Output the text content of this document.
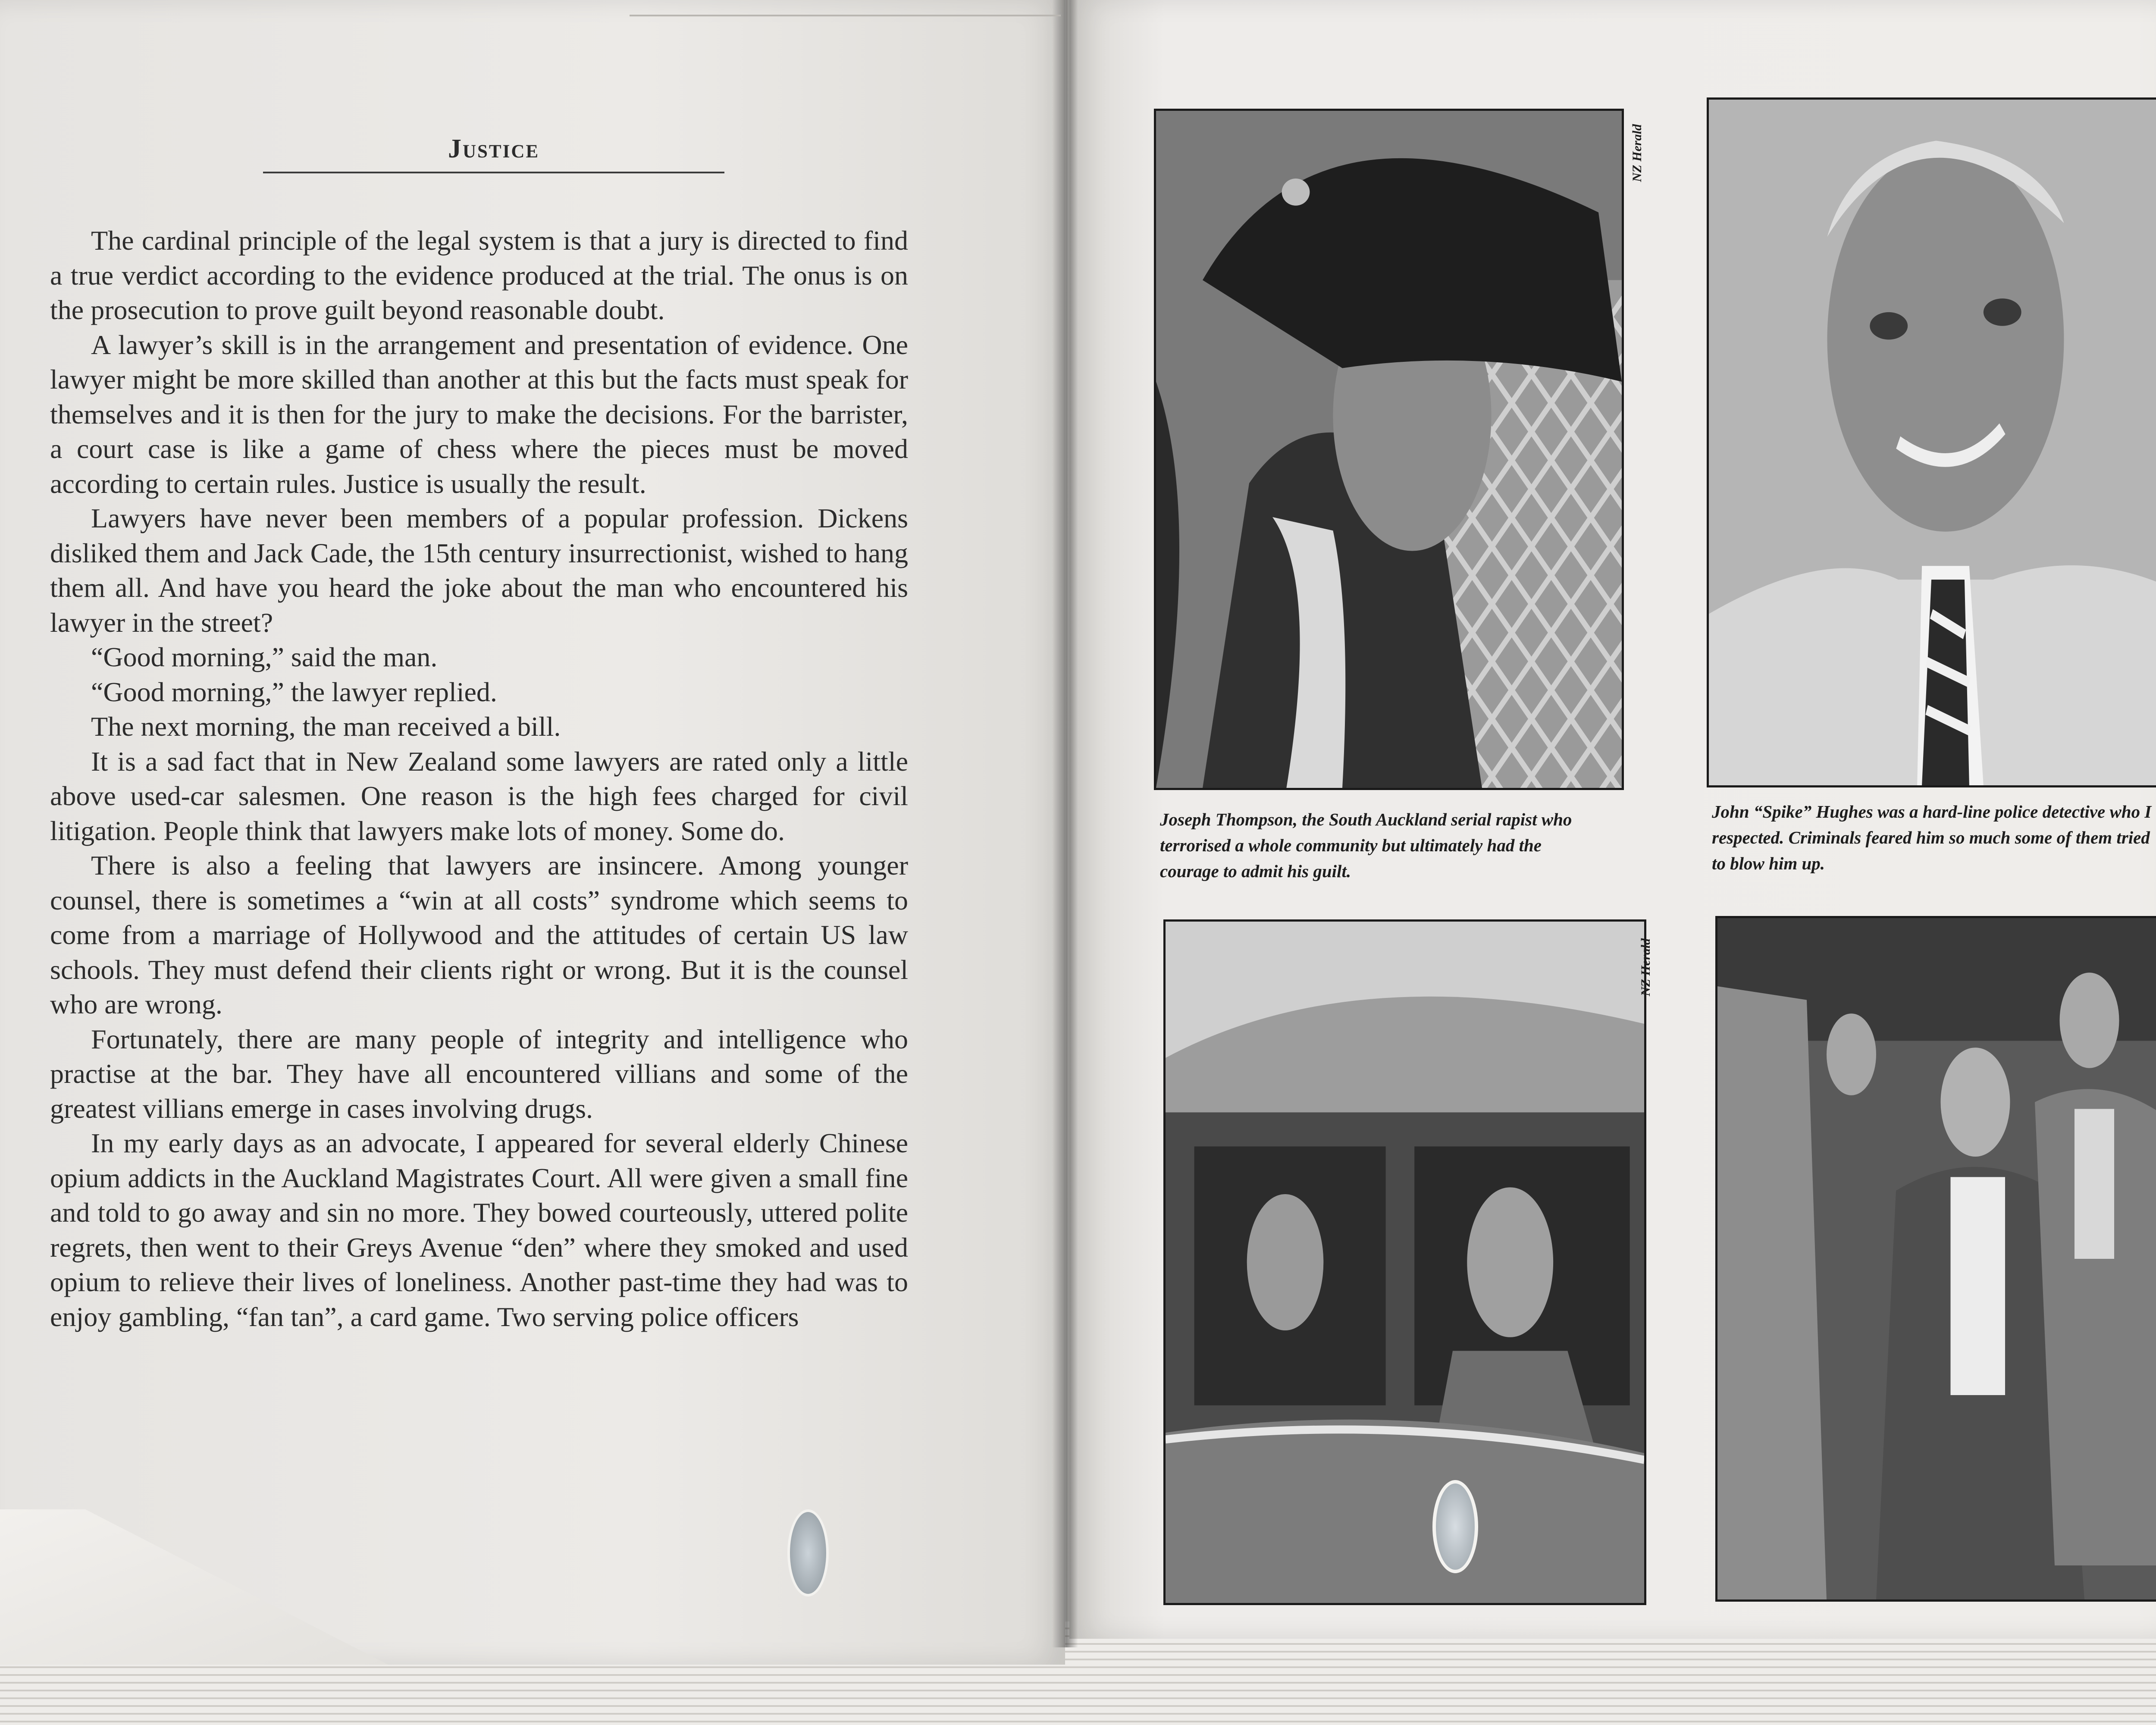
Justice

The cardinal principle of the legal system is that a jury is directed to find a true verdict according to the evidence produced at the trial. The onus is on the prosecution to prove guilt beyond reasonable doubt.

A lawyer’s skill is in the arrangement and presentation of evidence. One lawyer might be more skilled than another at this but the facts must speak for themselves and it is then for the jury to make the decisions. For the barrister, a court case is like a game of chess where the pieces must be moved according to certain rules. Justice is usually the result.

Lawyers have never been members of a popular profession. Dickens disliked them and Jack Cade, the 15th century insurrectionist, wished to hang them all. And have you heard the joke about the man who encountered his lawyer in the street?

“Good morning,” said the man.

“Good morning,” the lawyer replied.

The next morning, the man received a bill.

It is a sad fact that in New Zealand some lawyers are rated only a little above used-car salesmen. One reason is the high fees charged for civil litigation. People think that lawyers make lots of money. Some do.

There is also a feeling that lawyers are insincere. Among younger counsel, there is sometimes a “win at all costs” syndrome which seems to come from a marriage of Hollywood and the attitudes of certain US law schools. They must defend their clients right or wrong. But it is the counsel who are wrong.

Fortunately, there are many people of integrity and intelligence who practise at the bar. They have all encountered villians and some of the greatest villians emerge in cases involving drugs.

In my early days as an advocate, I appeared for several elderly Chinese opium addicts in the Auckland Magistrates Court. All were given a small fine and told to go away and sin no more. They bowed courteously, uttered polite regrets, then went to their Greys Avenue “den” where they smoked and used opium to relieve their lives of loneliness. Another past-time they had was to enjoy gambling, “fan tan”, a card game. Two serving police officers

NZ Herald
Joseph Thompson, the South Auckland serial rapist who terrorised a whole community but ultimately had the courage to admit his guilt.
John “Spike” Hughes was a hard-line police detective who I respected. Criminals feared him so much some of them tried to blow him up.
NZ Herald
